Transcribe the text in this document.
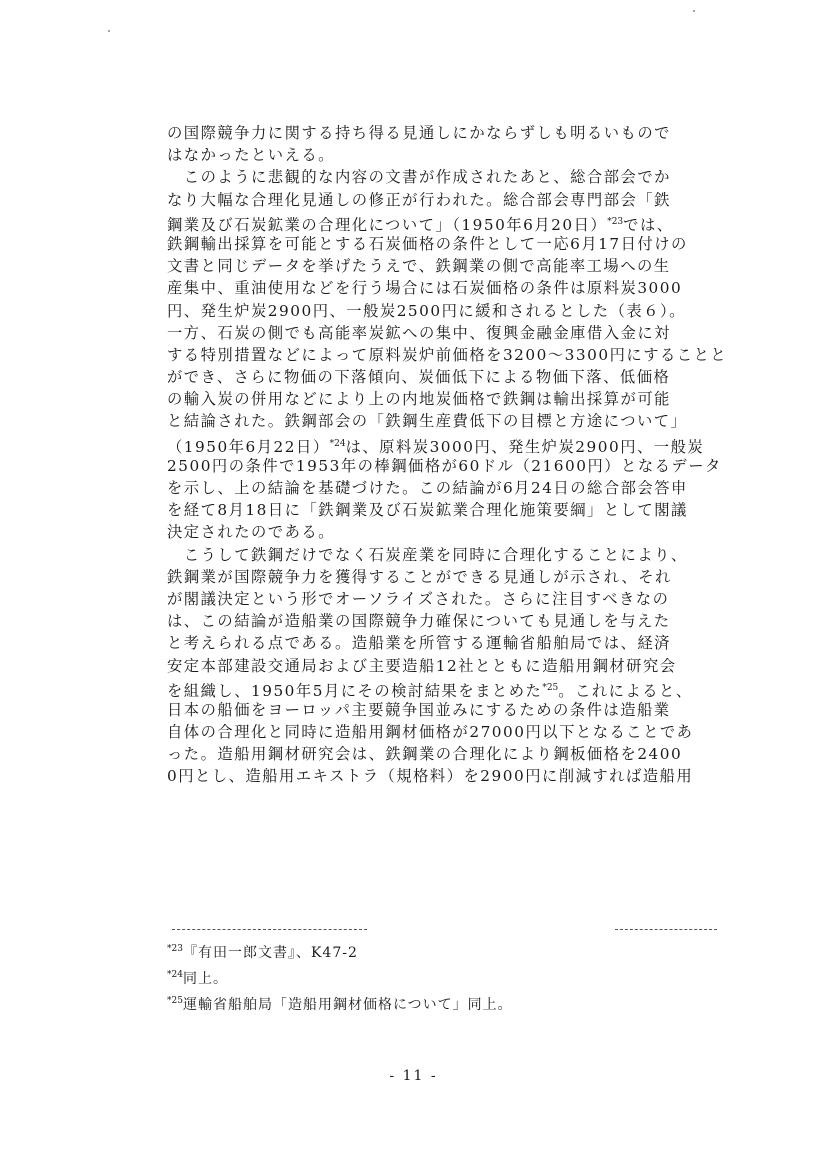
の国際競争力に関する持ち得る見通しにかならずしも明るいもので
はなかったといえる。
　このように悲観的な内容の文書が作成されたあと、総合部会でか
なり大幅な合理化見通しの修正が行われた。総合部会専門部会「鉄
鋼業及び石炭鉱業の合理化について」（1950年6月20日）$^{*23}$では、
鉄鋼輸出採算を可能とする石炭価格の条件として一応6月17日付けの
文書と同じデータを挙げたうえで、鉄鋼業の側で高能率工場への生
産集中、重油使用などを行う場合には石炭価格の条件は原料炭3000
円、発生炉炭2900円、一般炭2500円に緩和されるとした（表６）。
一方、石炭の側でも高能率炭鉱への集中、復興金融金庫借入金に対
する特別措置などによって原料炭炉前価格を3200～3300円にすることと
ができ、さらに物価の下落傾向、炭価低下による物価下落、低価格
の輸入炭の併用などにより上の内地炭価格で鉄鋼は輸出採算が可能
と結論された。鉄鋼部会の「鉄鋼生産費低下の目標と方途について」
（1950年6月22日）$^{*24}$は、原料炭3000円、発生炉炭2900円、一般炭
2500円の条件で1953年の棒鋼価格が60ドル（21600円）となるデータ
を示し、上の結論を基礎づけた。この結論が6月24日の総合部会答申
を経て8月18日に「鉄鋼業及び石炭鉱業合理化施策要綱」として閣議
決定されたのである。
　こうして鉄鋼だけでなく石炭産業を同時に合理化することにより、
鉄鋼業が国際競争力を獲得することができる見通しが示され、それ
が閣議決定という形でオーソライズされた。さらに注目すべきなの
は、この結論が造船業の国際競争力確保についても見通しを与えた
と考えられる点である。造船業を所管する運輸省船舶局では、経済
安定本部建設交通局および主要造船12社とともに造船用鋼材研究会
を組織し、1950年5月にその検討結果をまとめた$^{*25}$。これによると、
日本の船価をヨーロッパ主要競争国並みにするための条件は造船業
自体の合理化と同時に造船用鋼材価格が27000円以下となることであ
った。造船用鋼材研究会は、鉄鋼業の合理化により鋼板価格を2400
0円とし、造船用エキストラ（規格料）を2900円に削減すれば造船用
$^{*23}$『有田一郎文書』、K47-2
$^{*24}$同上。
$^{*25}$運輸省船舶局「造船用鋼材価格について」同上。
- 11 -
